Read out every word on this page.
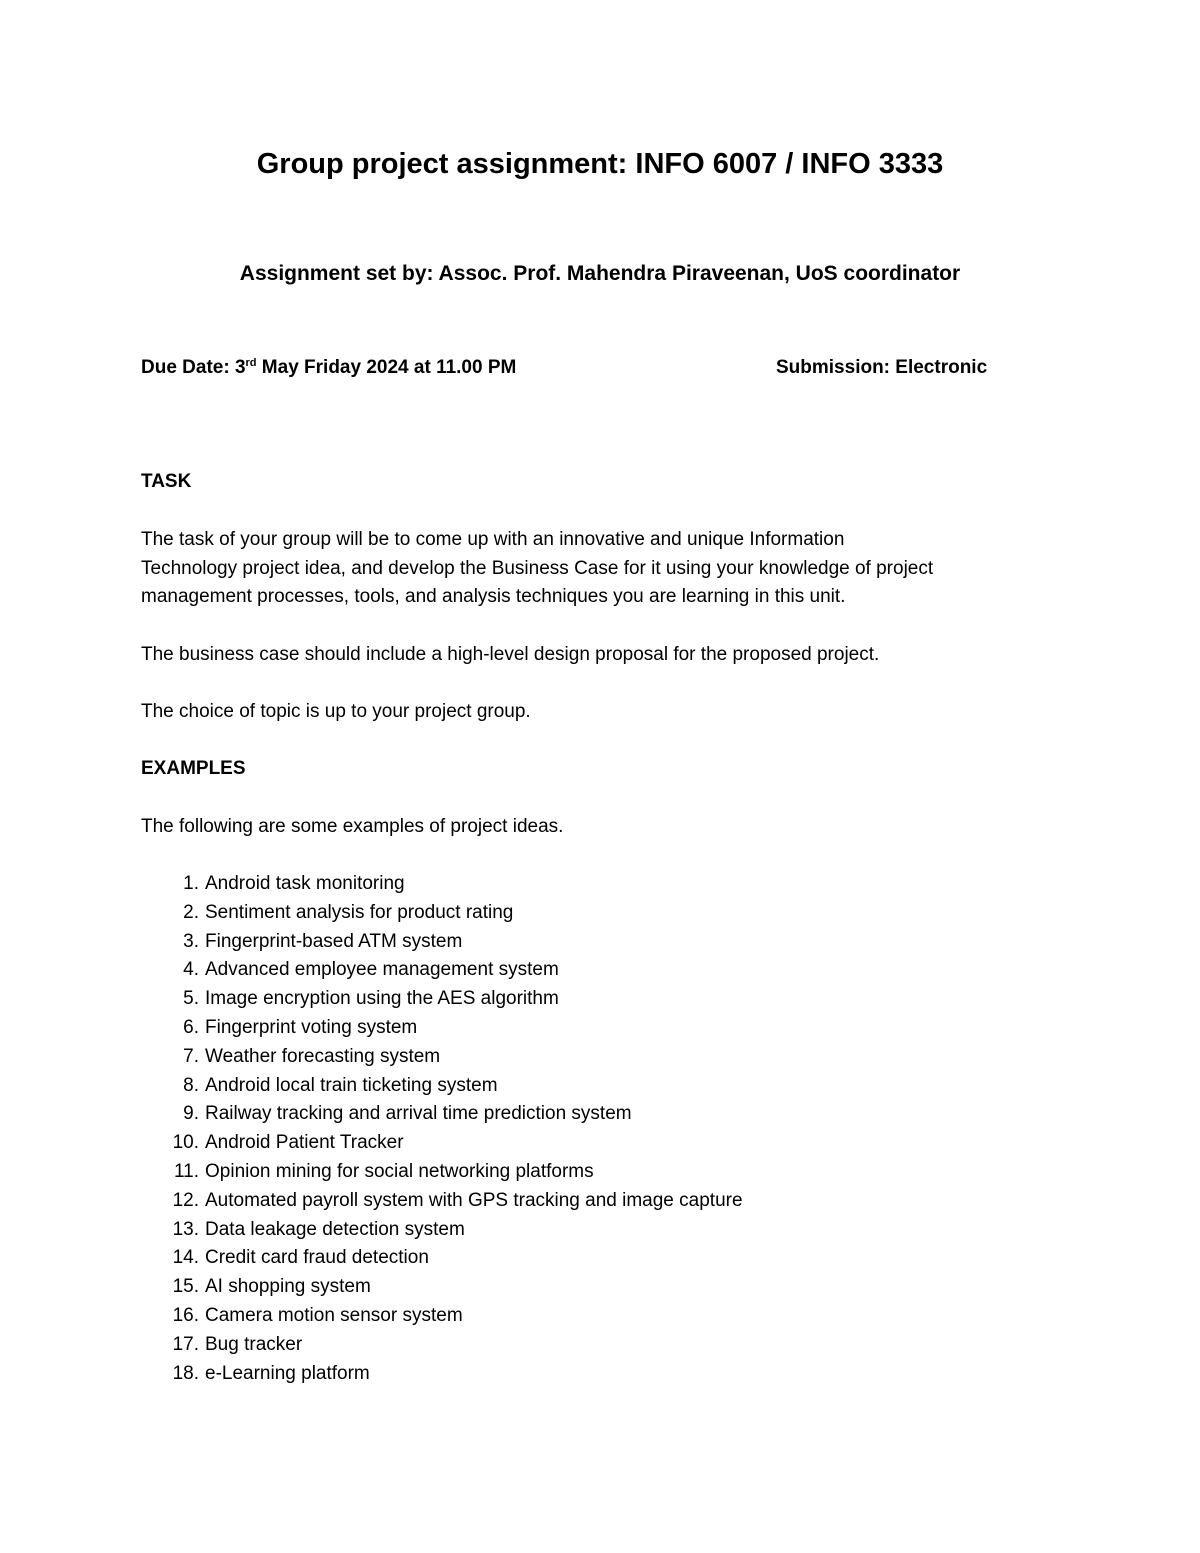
Group project assignment: INFO 6007 / INFO 3333
Assignment set by: Assoc. Prof. Mahendra Piraveenan, UoS coordinator
Due Date: 3rd May Friday 2024 at 11.00 PM	Submission: Electronic
TASK
The task of your group will be to come up with an innovative and unique Information
Technology project idea, and develop the Business Case for it using your knowledge of project
management processes, tools, and analysis techniques you are learning in this unit.
The business case should include a high-level design proposal for the proposed project.
The choice of topic is up to your project group.
EXAMPLES
The following are some examples of project ideas.
1. Android task monitoring
2. Sentiment analysis for product rating
3. Fingerprint-based ATM system
4. Advanced employee management system
5. Image encryption using the AES algorithm
6. Fingerprint voting system
7. Weather forecasting system
8. Android local train ticketing system
9. Railway tracking and arrival time prediction system
10. Android Patient Tracker
11. Opinion mining for social networking platforms
12. Automated payroll system with GPS tracking and image capture
13. Data leakage detection system
14. Credit card fraud detection
15. AI shopping system
16. Camera motion sensor system
17. Bug tracker
18. e-Learning platform
